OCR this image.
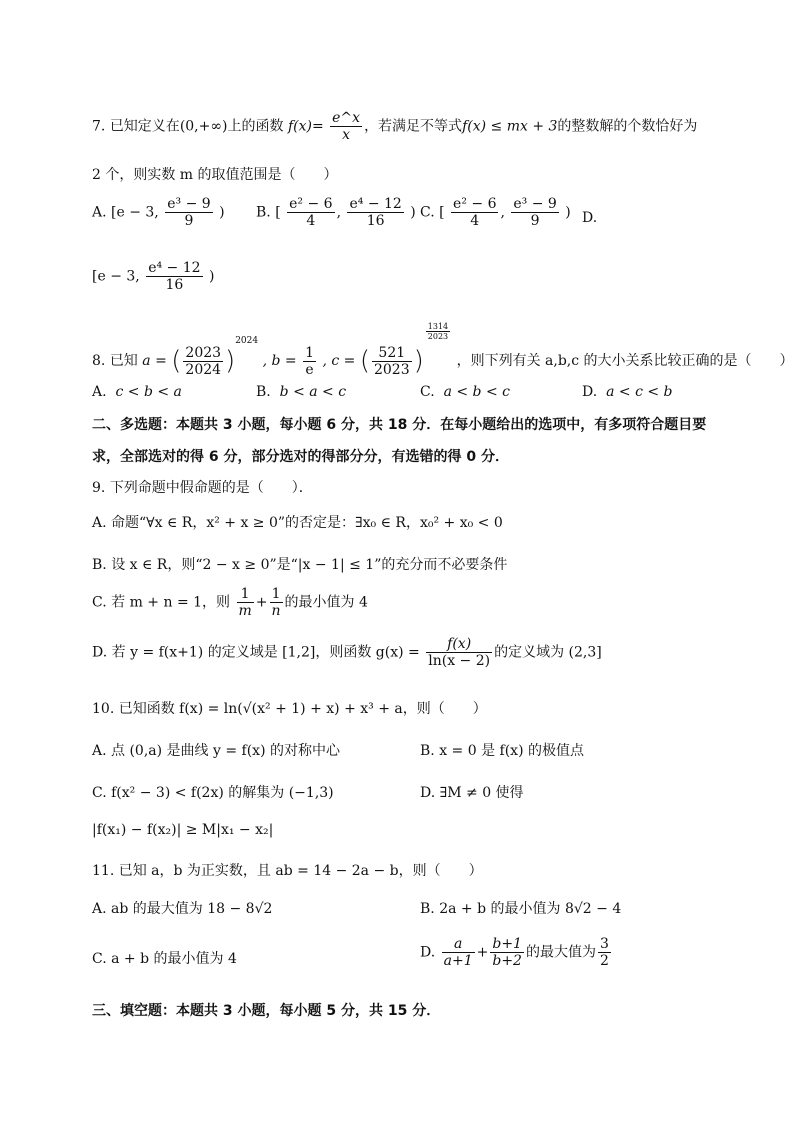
7. 已知定义在(0,+∞)上的函数 $f(x)= \frac{e\^{}x}{x}$ ，若满足不等式f(x) ≤ mx + 3的整数解的个数恰好为
2 个，则实数 m 的取值范围是（　　）
A. [e − 3, $\frac{\text{e³ − 9}}{9}$ ) B. [ $\frac{\text{e² − 6}}{4}$ , $\frac{\text{e⁴ − 12}}{16}$ ) C. [ $\frac{\text{e² − 6}}{4}$ , $\frac{\text{e³ − 9}}{9}$ ) D.
[e − 3, $\frac{\text{e⁴ − 12}}{16}$ )
8. 已知 a = ( $\frac{2023}{2024} )^{2024}$ , $b = \frac{1}{e}$ , c = ( $\frac{521}{2023}$ )
$\frac{1314}{2023}$
，则下列有关 a,b,c 的大小关系比较正确的是（　　）
A. c < b < a	B. b < a < c	C. a < b < c	D. a < c < b
二、多选题：本题共 3 小题，每小题 6 分，共 18 分．在每小题给出的选项中，有多项符合题目要
求，全部选对的得 6 分，部分选对的得部分分，有选错的得 0 分．
9. 下列命题中假命题的是（　　）．
A. 命题“∀x ∈ R，x² + x ≥ 0”的否定是：∃x₀ ∈ R，x₀² + x₀ < 0
B. 设 x ∈ R，则“2 − x ≥ 0”是“|x − 1| ≤ 1”的充分而不必要条件
C. 若 m + n = 1，则 $\frac{1}{m} + \frac{1}{n}$ 的最小值为 4
D. 若 y = f(x+1) 的定义域是 [1,2]，则函数 $g(x) = \frac{f(x)}{\ln(x - 2)}$ 的定义域为 (2,3]
10. 已知函数 f(x) = ln(√(x² + 1) + x) + x³ + a，则（　　）
A. 点 (0,a) 是曲线 y = f(x) 的对称中心	B. x = 0 是 f(x) 的极值点
C. f(x² − 3) < f(2x) 的解集为 (−1,3)	D. ∃M ≠ 0 使得
|f(x₁) − f(x₂)| ≥ M|x₁ − x₂|
11. 已知 a，b 为正实数，且 ab = 14 − 2a − b，则（　　）
A. ab 的最大值为 18 − 8√2	B. 2a + b 的最小值为 8√2 − 4
C. a + b 的最小值为 4	D. $\frac{a}{a+1} + \frac{b+1}{b+2}$ 的最大值为 $\frac{3}{2}$
三、填空题：本题共 3 小题，每小题 5 分，共 15 分．
